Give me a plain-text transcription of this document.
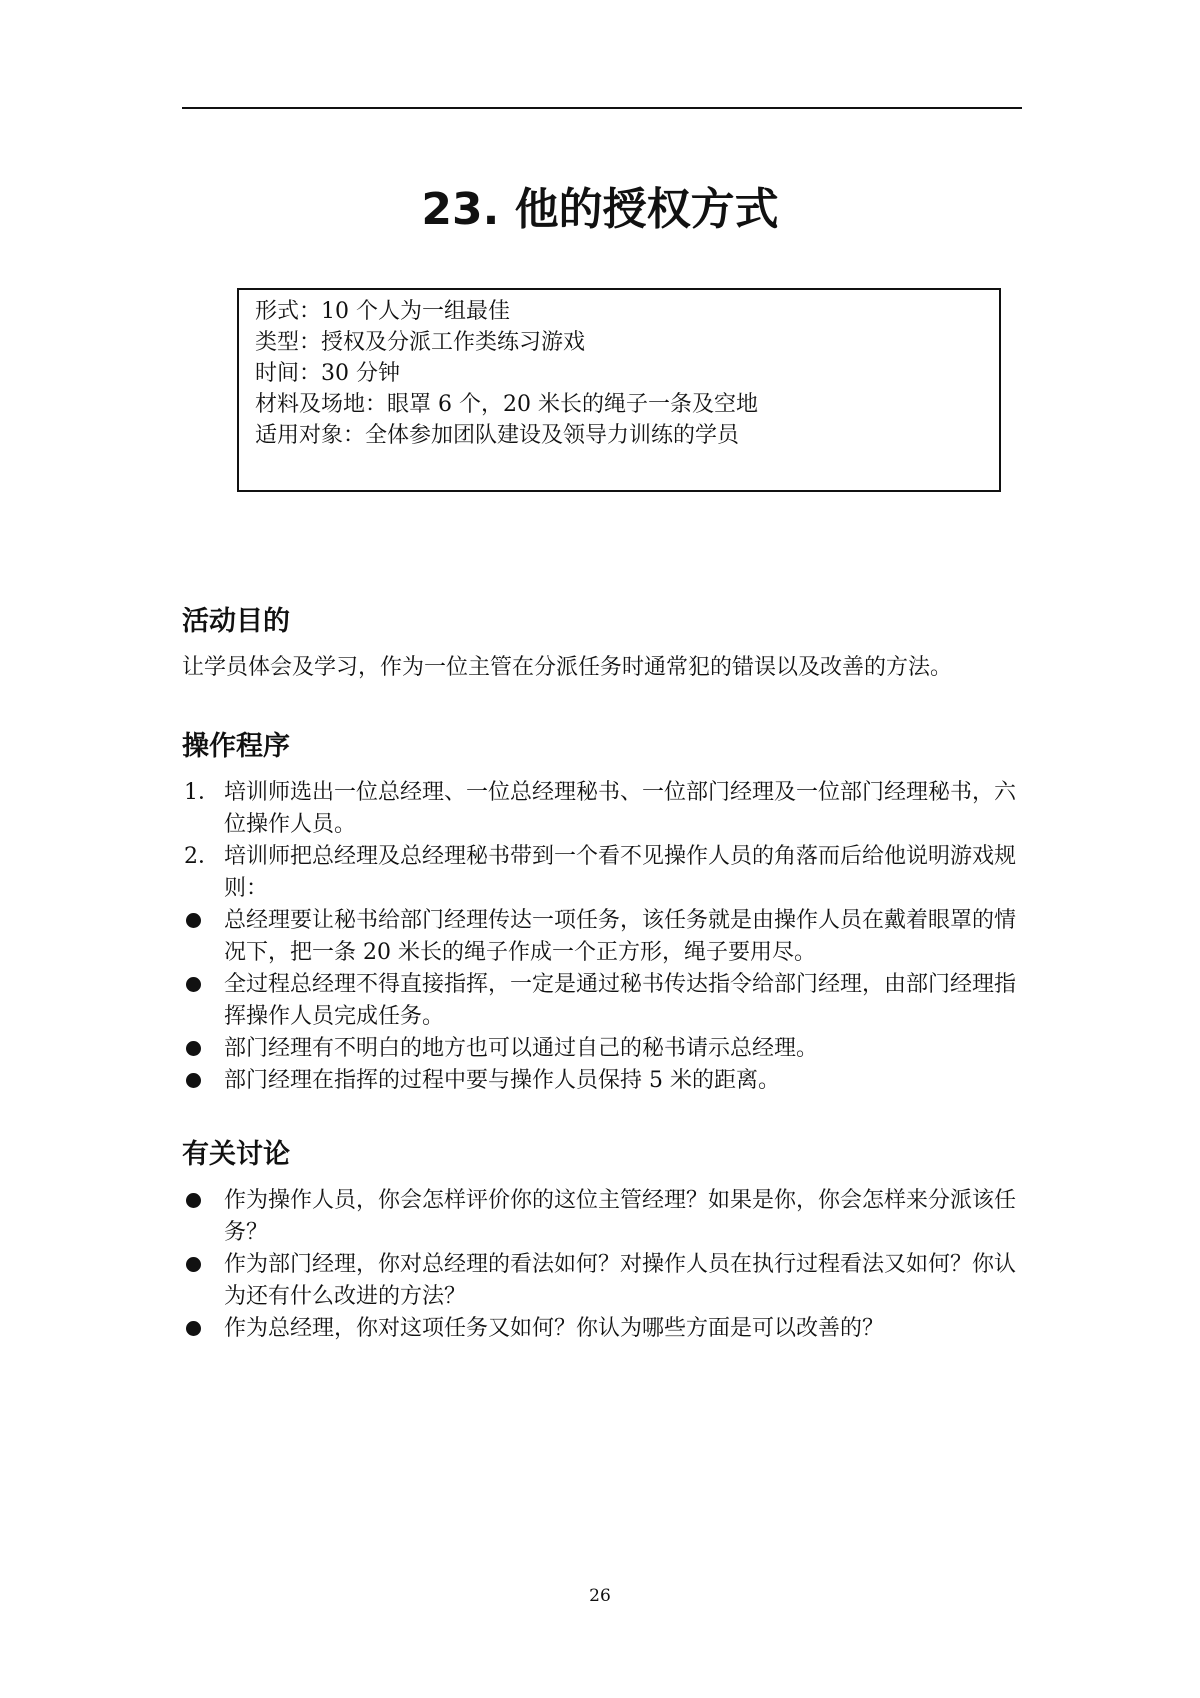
23. 他的授权方式
形式：10 个人为一组最佳
类型：授权及分派工作类练习游戏
时间：30 分钟
材料及场地：眼罩 6 个，20 米长的绳子一条及空地
适用对象：全体参加团队建设及领导力训练的学员
活动目的
让学员体会及学习，作为一位主管在分派任务时通常犯的错误以及改善的方法。
操作程序
1． 培训师选出一位总经理、一位总经理秘书、一位部门经理及一位部门经理秘书，六位操作人员。
2． 培训师把总经理及总经理秘书带到一个看不见操作人员的角落而后给他说明游戏规则：
总经理要让秘书给部门经理传达一项任务，该任务就是由操作人员在戴着眼罩的情况下，把一条 20 米长的绳子作成一个正方形，绳子要用尽。
全过程总经理不得直接指挥，一定是通过秘书传达指令给部门经理，由部门经理指挥操作人员完成任务。
部门经理有不明白的地方也可以通过自己的秘书请示总经理。
部门经理在指挥的过程中要与操作人员保持 5 米的距离。
有关讨论
作为操作人员，你会怎样评价你的这位主管经理？如果是你，你会怎样来分派该任务？
作为部门经理，你对总经理的看法如何？对操作人员在执行过程看法又如何？你认为还有什么改进的方法？
作为总经理，你对这项任务又如何？你认为哪些方面是可以改善的？
26
